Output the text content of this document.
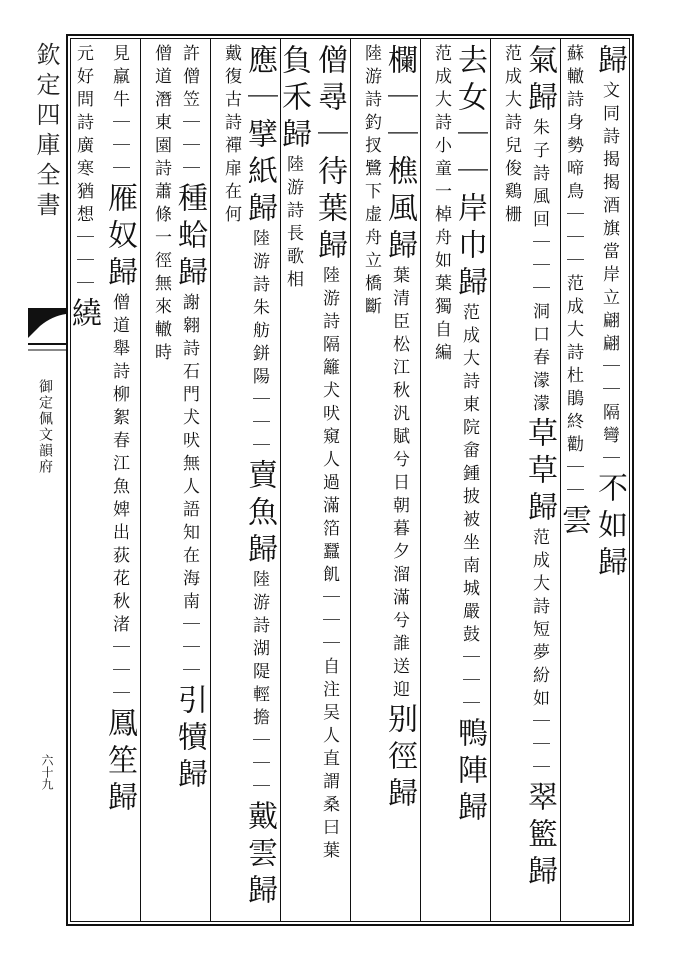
欽定四庫全書
御定佩文韻府
六十九
歸
文同詩揭揭酒旗當岸
立翩翩｜｜隔彎｜
不如歸
蘇轍詩身勢啼鳥｜｜｜范
成大詩杜鵑終勸｜｜
雲
氣歸
朱子詩風回｜｜
｜洞口春濛濛
草草歸
范成大詩短夢
紛如｜｜｜
翠籃歸
范成大詩
兒俊鷄栅
去女｜｜岸巾歸
范成大詩東院畲鍾披
被坐南城嚴鼓｜｜｜
鴨陣歸
范成大詩小童一
棹舟如葉獨自編
欄｜｜樵風歸
葉清臣松江秋汎賦
兮日朝暮夕溜滿兮誰送迎
别徑歸
陸游詩釣扠鷺
下虚舟立橋斷
僧尋｜待葉歸
陸游詩隔籬犬吠窺人過滿箔蠶
飢｜｜｜自注吴人直謂桑曰葉
負禾歸
陸游詩
長歌相
應｜擘紙歸
陸游詩朱舫
鉼陽｜｜｜
賣魚歸
陸游詩湖隄
輕擔｜｜｜
戴雲歸
戴復古詩
禪扉在何
許僧笠
｜｜｜
種蛤歸
謝翱詩石門犬吠無人
語知在海南｜｜｜
引犢歸
僧道潛東園詩蕭
條一徑無來轍時
見羸牛
｜｜｜
雁奴歸
僧道舉詩柳絮春江魚
婢出荻花秋渚｜｜｜
鳳笙歸
元好問詩廣寒
猶想｜｜｜
繞
